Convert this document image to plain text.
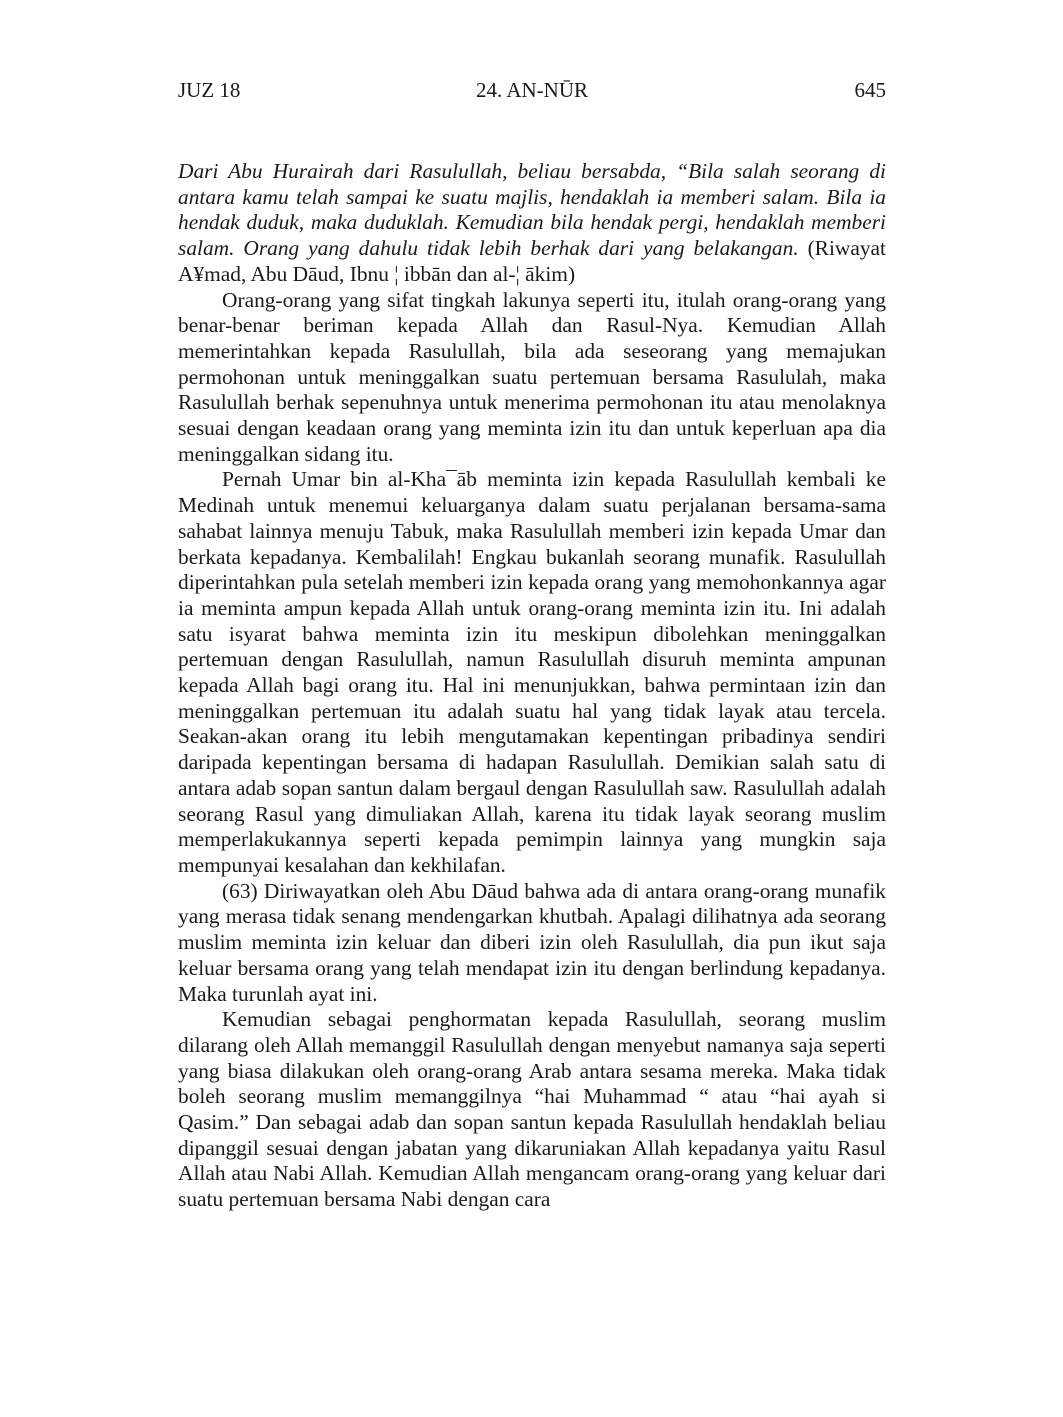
JUZ 18	24. AN-NŪR	645

Dari Abu Hurairah dari Rasulullah, beliau bersabda, “Bila salah seorang di antara kamu telah sampai ke suatu majlis, hendaklah ia memberi salam. Bila ia hendak duduk, maka duduklah. Kemudian bila hendak pergi, hendaklah memberi salam. Orang yang dahulu tidak lebih berhak dari yang belakangan. (Riwayat A¥mad, Abu Dāud, Ibnu ¦ ibbān dan al-¦ ākim)

Orang-orang yang sifat tingkah lakunya seperti itu, itulah orang-orang yang benar-benar beriman kepada Allah dan Rasul-Nya. Kemudian Allah memerintahkan kepada Rasulullah, bila ada seseorang yang memajukan permohonan untuk meninggalkan suatu pertemuan bersama Rasululah, maka Rasulullah berhak sepenuhnya untuk menerima permohonan itu atau menolaknya sesuai dengan keadaan orang yang meminta izin itu dan untuk keperluan apa dia meninggalkan sidang itu.

Pernah Umar bin al-Kha¯āb meminta izin kepada Rasulullah kembali ke Medinah untuk menemui keluarganya dalam suatu perjalanan bersama-sama sahabat lainnya menuju Tabuk, maka Rasulullah memberi izin kepada Umar dan berkata kepadanya. Kembalilah! Engkau bukanlah seorang munafik. Rasulullah diperintahkan pula setelah memberi izin kepada orang yang memohonkannya agar ia meminta ampun kepada Allah untuk orang-orang meminta izin itu. Ini adalah satu isyarat bahwa meminta izin itu meskipun dibolehkan meninggalkan pertemuan dengan Rasulullah, namun Rasulullah disuruh meminta ampunan kepada Allah bagi orang itu. Hal ini menunjukkan, bahwa permintaan izin dan meninggalkan pertemuan itu adalah suatu hal yang tidak layak atau tercela. Seakan-akan orang itu lebih mengutamakan kepentingan pribadinya sendiri daripada kepentingan bersama di hadapan Rasulullah. Demikian salah satu di antara adab sopan santun dalam bergaul dengan Rasulullah saw. Rasulullah adalah seorang Rasul yang dimuliakan Allah, karena itu tidak layak seorang muslim memperlakukannya seperti kepada pemimpin lainnya yang mungkin saja mempunyai kesalahan dan kekhilafan.

(63) Diriwayatkan oleh Abu Dāud bahwa ada di antara orang-orang munafik yang merasa tidak senang mendengarkan khutbah. Apalagi dilihatnya ada seorang muslim meminta izin keluar dan diberi izin oleh Rasulullah, dia pun ikut saja keluar bersama orang yang telah mendapat izin itu dengan berlindung kepadanya. Maka turunlah ayat ini.

Kemudian sebagai penghormatan kepada Rasulullah, seorang muslim dilarang oleh Allah memanggil Rasulullah dengan menyebut namanya saja seperti yang biasa dilakukan oleh orang-orang Arab antara sesama mereka. Maka tidak boleh seorang muslim memanggilnya “hai Muhammad “ atau “hai ayah si Qasim.” Dan sebagai adab dan sopan santun kepada Rasulullah hendaklah beliau dipanggil sesuai dengan jabatan yang dikaruniakan Allah kepadanya yaitu Rasul Allah atau Nabi Allah. Kemudian Allah mengancam orang-orang yang keluar dari suatu pertemuan bersama Nabi dengan cara
